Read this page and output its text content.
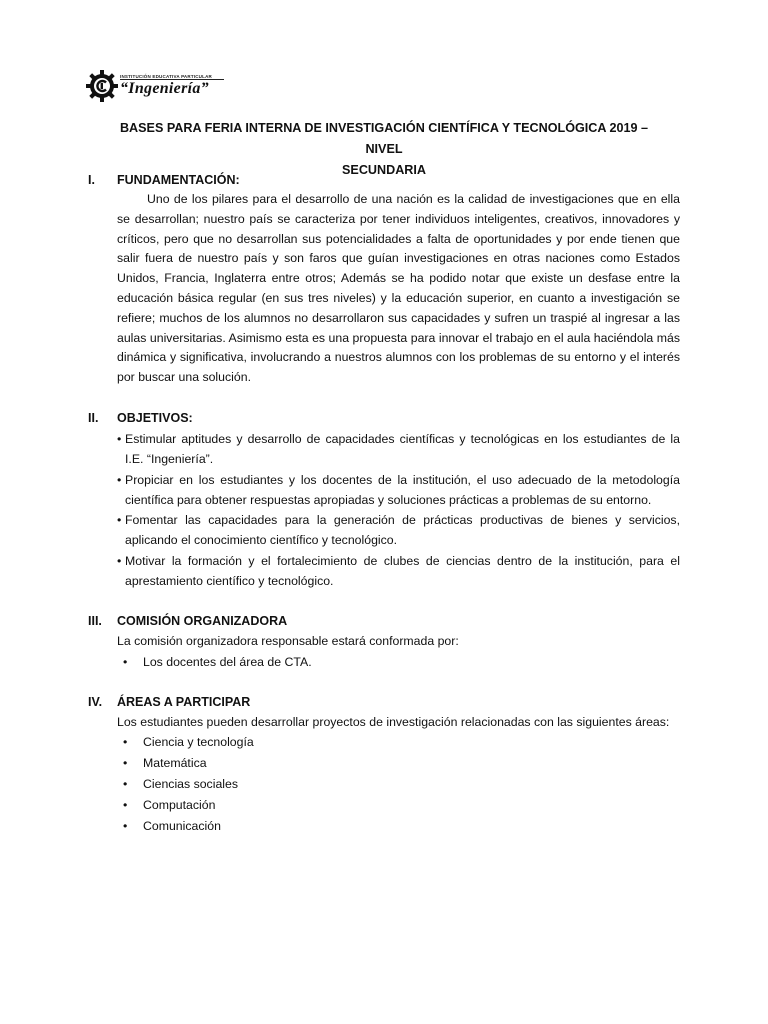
INSTITUCIÓN EDUCATIVA PARTICULAR
“Ingeniería”
BASES PARA FERIA INTERNA DE INVESTIGACIÓN CIENTÍFICA Y TECNOLÓGICA 2019 – NIVEL
SECUNDARIA
I. FUNDAMENTACIÓN:
Uno de los pilares para el desarrollo de una nación es la calidad de investigaciones que en ella se desarrollan; nuestro país se caracteriza por tener individuos inteligentes, creativos, innovadores y críticos, pero que no desarrollan sus potencialidades a falta de oportunidades y por ende tienen que salir fuera de nuestro país y son faros que guían investigaciones en otras naciones como Estados Unidos, Francia, Inglaterra entre otros; Además se ha podido notar que existe un desfase entre la educación básica regular (en sus tres niveles) y la educación superior, en cuanto a investigación se refiere; muchos de los alumnos no desarrollaron sus capacidades y sufren un traspié al ingresar a las aulas universitarias. Asimismo esta es una propuesta para innovar el trabajo en el aula haciéndola más dinámica y significativa, involucrando a nuestros alumnos con los problemas de su entorno y el interés por buscar una solución.
II. OBJETIVOS:
• Estimular aptitudes y desarrollo de capacidades científicas y tecnológicas en los estudiantes de la I.E. “Ingeniería”.
• Propiciar en los estudiantes y los docentes de la institución, el uso adecuado de la metodología científica para obtener respuestas apropiadas y soluciones prácticas a problemas de su entorno.
• Fomentar las capacidades para la generación de prácticas productivas de bienes y servicios, aplicando el conocimiento científico y tecnológico.
• Motivar la formación y el fortalecimiento de clubes de ciencias dentro de la institución, para el aprestamiento científico y tecnológico.
III. COMISIÓN ORGANIZADORA
La comisión organizadora responsable estará conformada por:
• Los docentes del área de CTA.
IV. ÁREAS A PARTICIPAR
Los estudiantes pueden desarrollar proyectos de investigación relacionadas con las siguientes áreas:
• Ciencia y tecnología
• Matemática
• Ciencias sociales
• Computación
• Comunicación
